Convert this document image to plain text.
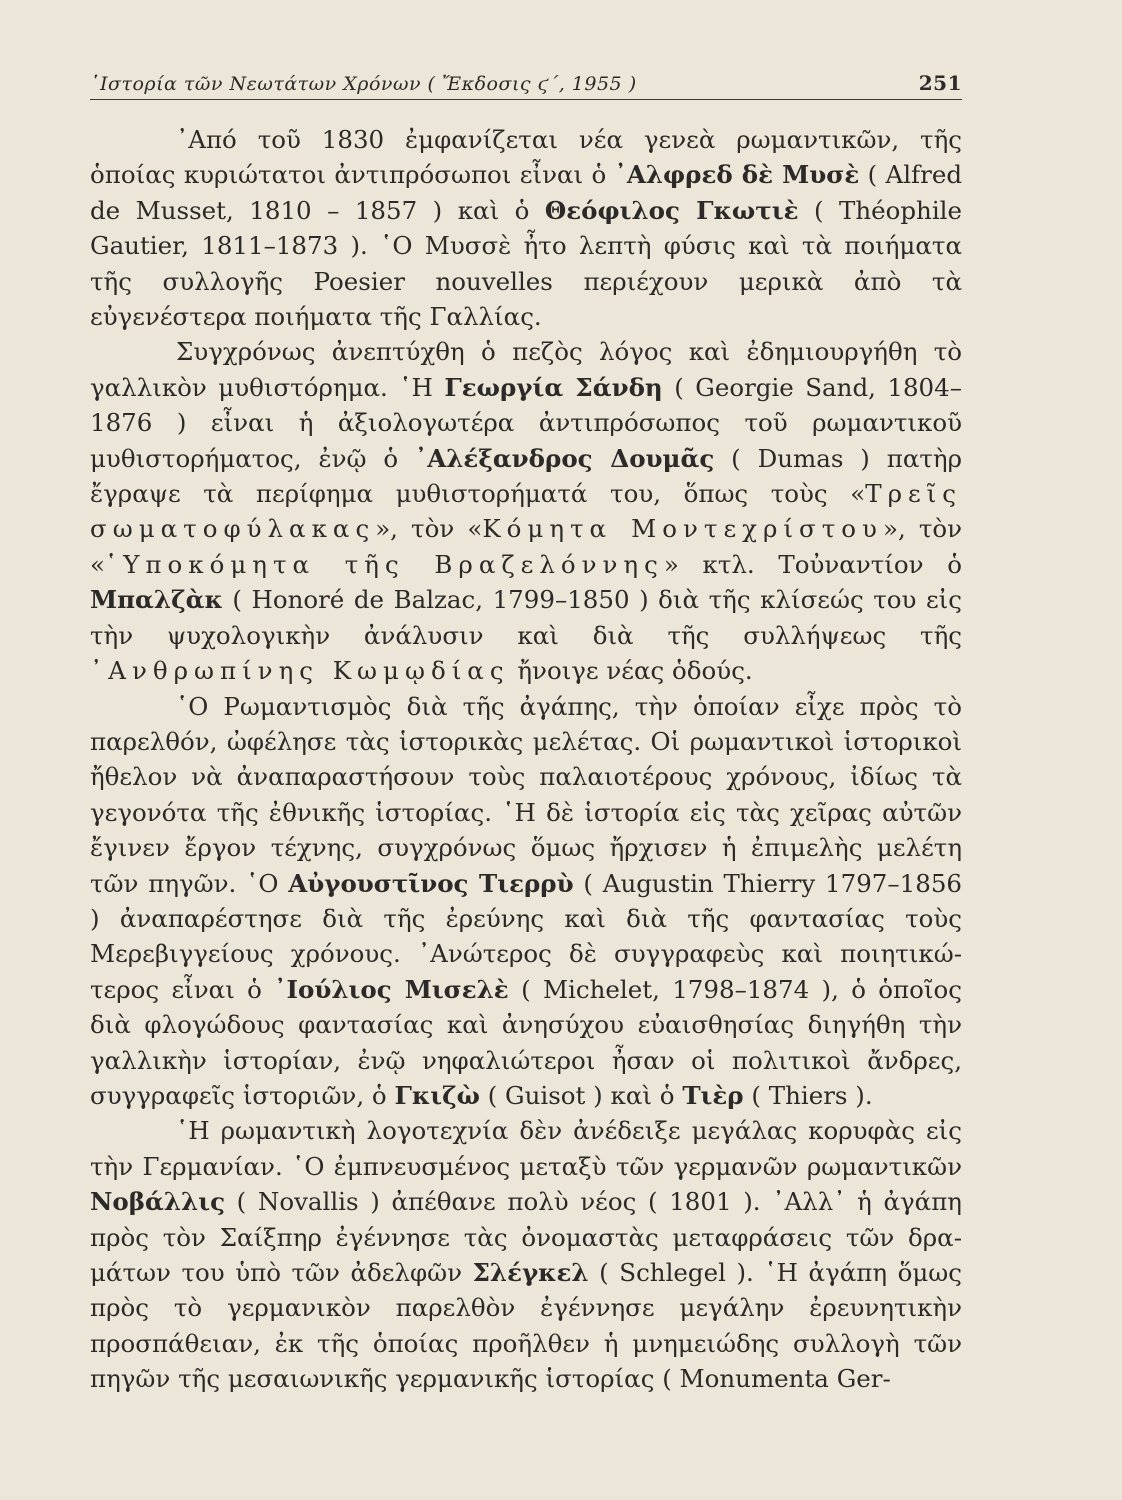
῾Ιστορία τῶν Νεωτάτων Χρόνων ( Ἔκδοσις ϛ΄, 1955 )	251

᾿Από τοῦ 1830 ἐμφανίζεται νέα γενεὰ ρωμαντικῶν, τῆς ὁποίας κυριώτατοι ἀντιπρόσωποι εἶναι ὁ ᾿Αλφρεδ δὲ Μυσὲ ( Alfred de Musset, 1810 – 1857 ) καὶ ὁ Θεόφιλος Γκωτιὲ ( Théophile Gautier, 1811–1873 ). ῾Ο Μυσσὲ ἦτο λεπτὴ φύσις καὶ τὰ ποιήματα τῆς συλλογῆς Poesier nouvelles περιέχουν μερικὰ ἀπὸ τὰ εὐγενέστερα ποιήματα τῆς Γαλλίας.

Συγχρόνως ἀνεπτύχθη ὁ πεζὸς λόγος καὶ ἐδημιουργήθη τὸ γαλλικὸν μυθιστόρημα. ῾Η Γεωργία Σάνδη ( Georgie Sand, 1804–1876 ) εἶναι ἡ ἀξιολογωτέρα ἀντιπρόσωπος τοῦ ρωμαντικοῦ μυθιστορήματος, ἐνῷ ὁ ᾿Αλέξανδρος Δουμᾶς ( Dumas ) πατὴρ ἔγραψε τὰ περίφημα μυθιστορήματά του, ὅπως τοὺς «Τρεῖς σωματοφύλακας», τὸν «Κόμητα Μοντεχρίστου», τὸν «῾Υποκόμητα τῆς Βραζελόννης» κτλ. Τοὐναντίον ὁ Μπαλζὰκ ( Honoré de Balzac, 1799–1850 ) διὰ τῆς κλίσεώς του εἰς τὴν ψυχολογικὴν ἀνάλυσιν καὶ διὰ τῆς συλλήψεως τῆς ᾿Ανθρωπίνης Κωμῳδίας ἤνοιγε νέας ὁδούς.

῾Ο Ρωμαντισμὸς διὰ τῆς ἀγάπης, τὴν ὁποίαν εἶχε πρὸς τὸ παρελθόν, ὠφέλησε τὰς ἱστορικὰς μελέτας. Οἱ ρωμαντικοὶ ἱστορικοὶ ἤθελον νὰ ἀναπαραστήσουν τοὺς παλαιοτέρους χρόνους, ἰδίως τὰ γεγονότα τῆς ἐθνικῆς ἱστορίας. ῾Η δὲ ἱστορία εἰς τὰς χεῖρας αὐτῶν ἔγινεν ἔργον τέχνης, συγχρόνως ὅμως ἤρχισεν ἡ ἐπιμελὴς μελέτη τῶν πηγῶν. ῾Ο Αὐγουστῖνος Τιερρὺ ( Augustin Thierry 1797–1856 ) ἀναπαρέστησε διὰ τῆς ἐρεύνης καὶ διὰ τῆς φαντασίας τοὺς Μερεβιγγείους χρόνους. ᾿Ανώτερος δὲ συγγραφεὺς καὶ ποιητικώτερος εἶναι ὁ ᾿Ιούλιος Μισελὲ ( Michelet, 1798–1874 ), ὁ ὁποῖος διὰ φλογώδους φαντασίας καὶ ἀνησύχου εὐαισθησίας διηγήθη τὴν γαλλικὴν ἱστορίαν, ἐνῷ νηφαλιώτεροι ἦσαν οἱ πολιτικοὶ ἄνδρες, συγγραφεῖς ἱστοριῶν, ὁ Γκιζὼ ( Guisot ) καὶ ὁ Τιὲρ ( Thiers ).

῾Η ρωμαντικὴ λογοτεχνία δὲν ἀνέδειξε μεγάλας κορυφὰς εἰς τὴν Γερμανίαν. ῾Ο ἐμπνευσμένος μεταξὺ τῶν γερμανῶν ρωμαντικῶν Νοβάλλις ( Novallis ) ἀπέθανε πολὺ νέος ( 1801 ). ᾿Αλλ᾿ ἡ ἀγάπη πρὸς τὸν Σαίξπηρ ἐγέννησε τὰς ὀνομαστὰς μεταφράσεις τῶν δραμάτων του ὑπὸ τῶν ἀδελφῶν Σλέγκελ ( Schlegel ). ῾Η ἀγάπη ὅμως πρὸς τὸ γερμανικὸν παρελθὸν ἐγέννησε μεγάλην ἐρευνητικὴν προσπάθειαν, ἐκ τῆς ὁποίας προῆλθεν ἡ μνημειώδης συλλογὴ τῶν πηγῶν τῆς μεσαιωνικῆς γερμανικῆς ἱστορίας ( Monumenta Ger-
